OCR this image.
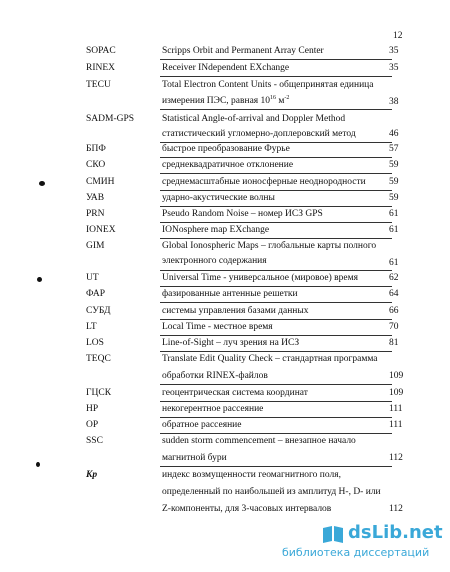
12
SOPAC	Scripps Orbit and Permanent Array Center	35
RINEX	Receiver INdependent EXchange	35
TECU	Total Electron Content Units - общепринятая единица
измерения ПЭС, равная $10^{16}$ $м^{-2}$	38
SADM-GPS	Statistical Angle-of-arrival and Doppler Method
статистический угломерно-доплеровский метод	46
БПФ	быстрое преобразование Фурье	57
СКО	среднеквадратичное отклонение	59
СМИН	среднемасштабные ионосферные неоднородности 59
УАВ	ударно-акустические волны	59
PRN	Pseudo Random Noise – номер ИСЗ GPS	61
IONEX	IONosphere map EXchange	61
GIM	Global Ionospheric Maps – глобальные карты полного
электронного содержания	61
UT	Universal Time - универсальное (мировое) время	62
ФАР	фазированные антенные решетки	64
СУБД	системы управления базами данных	66
LT	Local Time - местное время	70
LOS	Line-of-Sight – луч зрения на ИСЗ	81
TEQC	Translate Edit Quality Check – стандартная программа
обработки RINEX-файлов	109
ГЦСК	геоцентрическая система координат	109
НР	некогерентное рассеяние	111
ОР	обратное рассеяние	111
SSC	sudden storm commencement – внезапное начало
магнитной бури	112
Kp	индекс возмущенности геомагнитного поля,
определенный по наибольшей из амплитуд H-, D- или
Z-компоненты, для 3-часовых интервалов	112
dsLib.net
библиотека диссертаций
